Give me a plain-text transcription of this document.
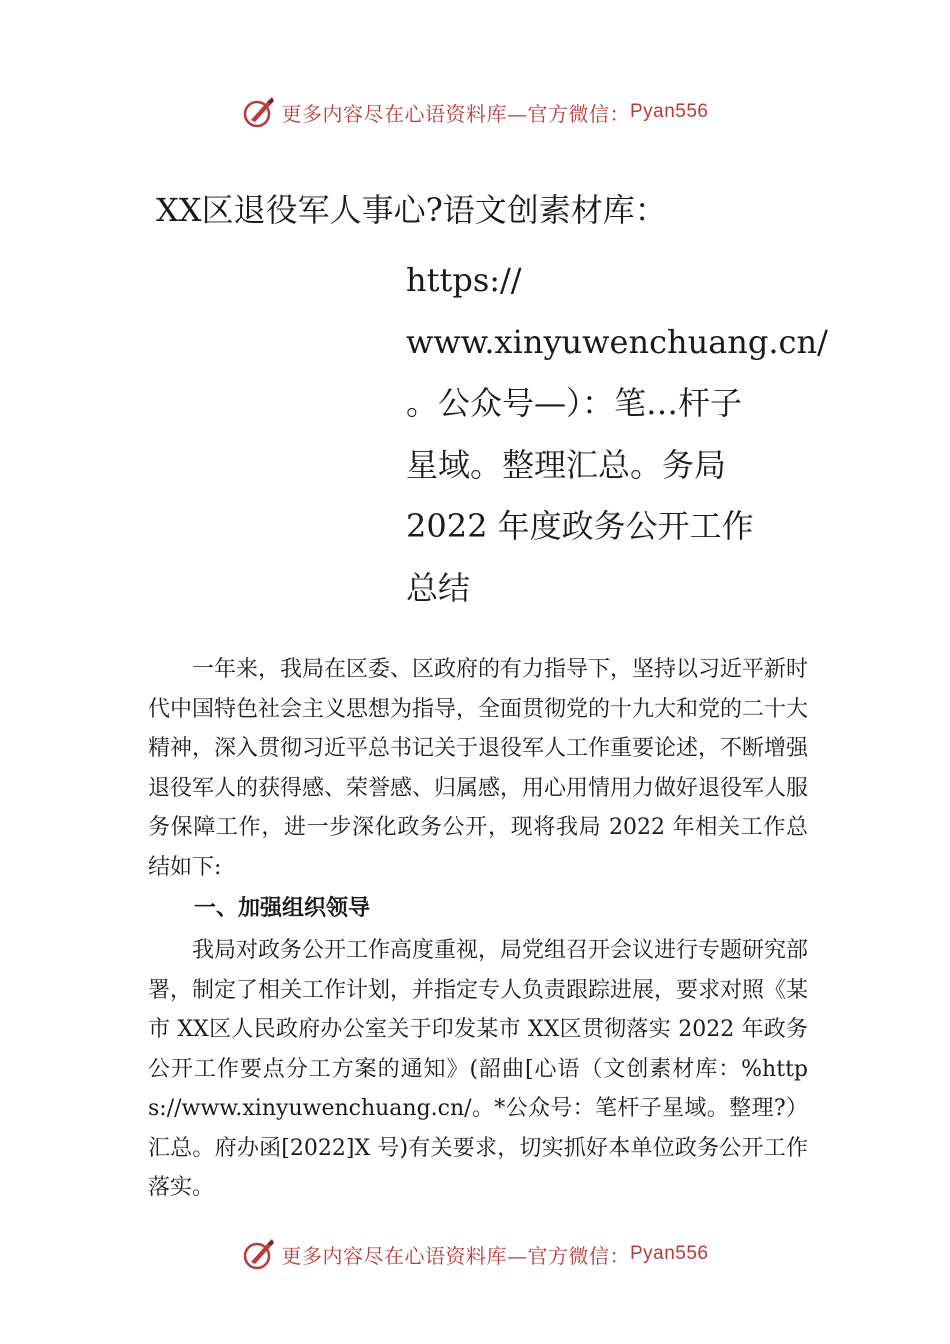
更多内容尽在心语资料库—官方微信： Pyan556
XX区退役军人事心?语文创素材库：
https://
www.xinyuwenchuang.cn/
。公众号—）：笔…杆子
星域。整理汇总。务局
2022 年度政务公开工作
总结

一年来，我局在区委、区政府的有力指导下，坚持以习近平新时代中国特色社会主义思想为指导，全面贯彻党的十九大和党的二十大精神，深入贯彻习近平总书记关于退役军人工作重要论述，不断增强退役军人的获得感、荣誉感、归属感，用心用情用力做好退役军人服务保障工作，进一步深化政务公开，现将我局 2022 年相关工作总结如下:

一、加强组织领导

我局对政务公开工作高度重视，局党组召开会议进行专题研究部署，制定了相关工作计划，并指定专人负责跟踪进展，要求对照《某市 XX区人民政府办公室关于印发某市 XX区贯彻落实 2022 年政务公开工作要点分工方案的通知》(韶曲[心语（文创素材库：%https://www.xinyuwenchuang.cn/。*公众号：笔杆子星域。整理?）汇总。府办函[2022]X 号)有关要求，切实抓好本单位政务公开工作落实。

更多内容尽在心语资料库—官方微信： Pyan556
